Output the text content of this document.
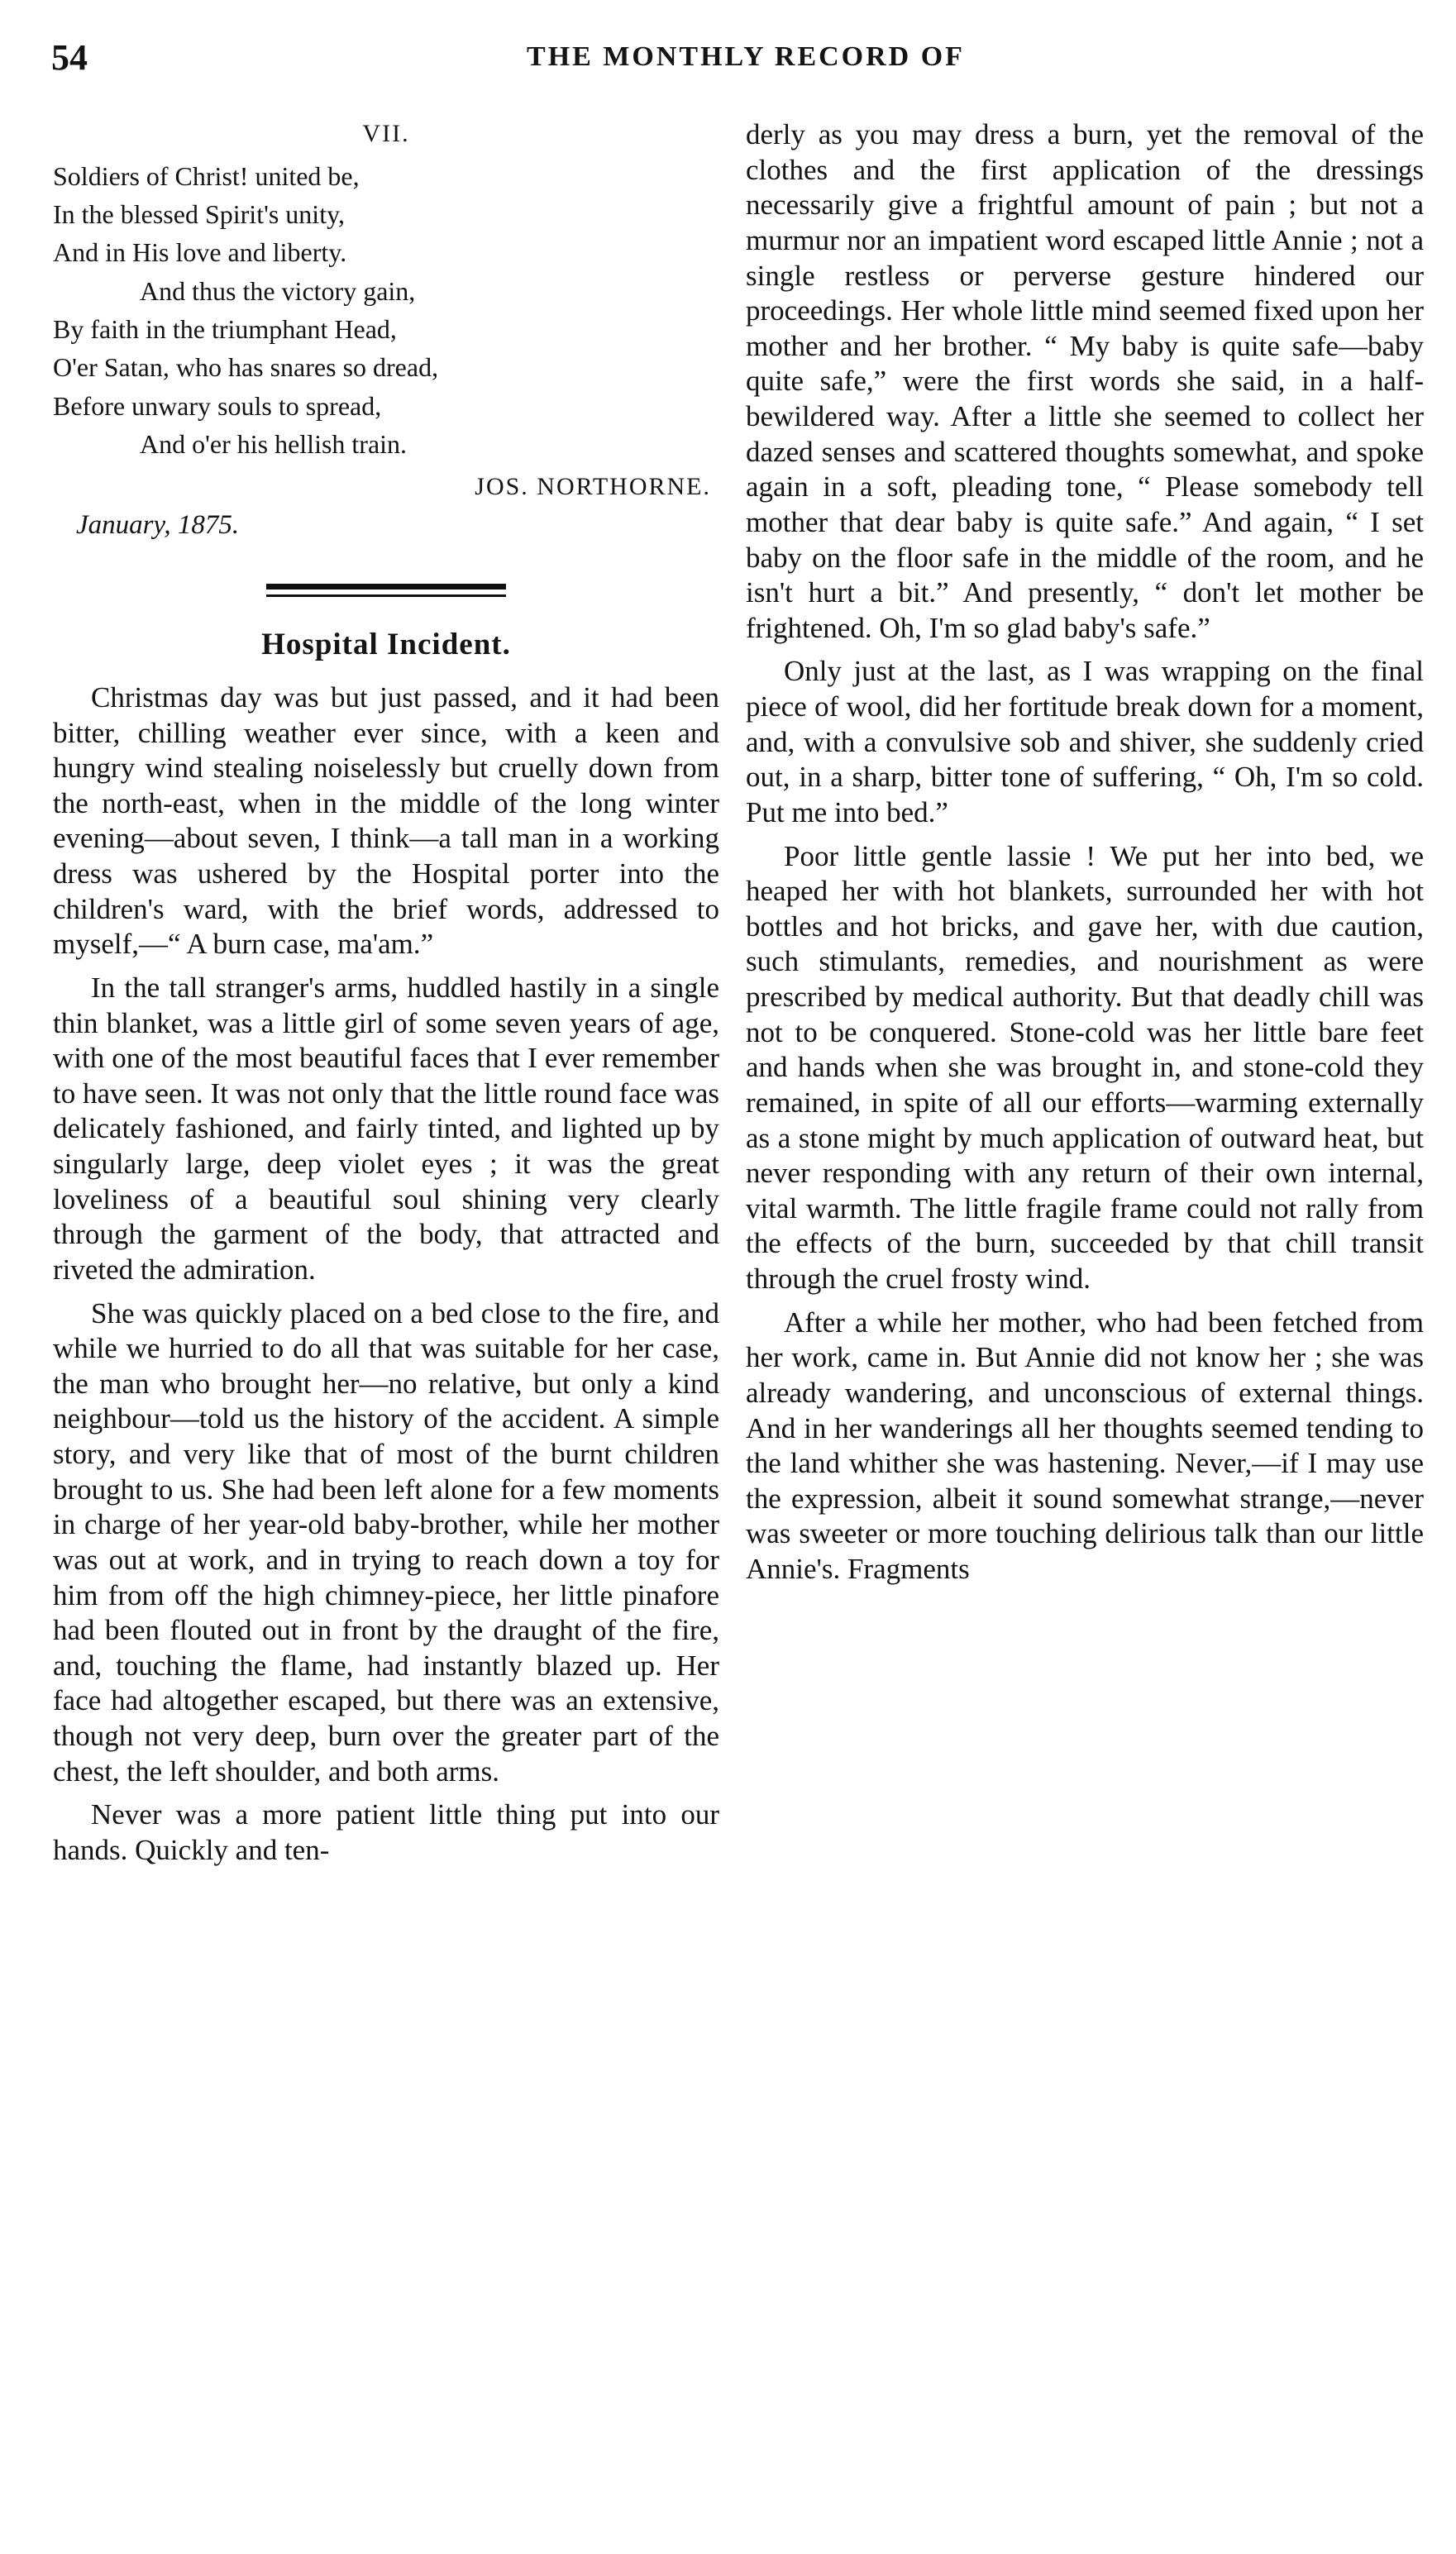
54	THE MONTHLY RECORD OF
VII.
Soldiers of Christ! united be,
In the blessed Spirit's unity,
And in His love and liberty.
And thus the victory gain,
By faith in the triumphant Head,
O'er Satan, who has snares so dread,
Before unwary souls to spread,
And o'er his hellish train.
JOS. NORTHORNE.
January, 1875.
Hospital Incident.

Christmas day was but just passed, and it had been bitter, chilling weather ever since, with a keen and hungry wind stealing noiselessly but cruelly down from the north-east, when in the middle of the long winter evening—about seven, I think—a tall man in a working dress was ushered by the Hospital porter into the children's ward, with the brief words, addressed to myself,—“ A burn case, ma'am.”

In the tall stranger's arms, huddled hastily in a single thin blanket, was a little girl of some seven years of age, with one of the most beautiful faces that I ever remember to have seen. It was not only that the little round face was delicately fashioned, and fairly tinted, and lighted up by singularly large, deep violet eyes ; it was the great loveliness of a beautiful soul shining very clearly through the garment of the body, that attracted and riveted the admiration.

She was quickly placed on a bed close to the fire, and while we hurried to do all that was suitable for her case, the man who brought her—no relative, but only a kind neighbour—told us the history of the accident. A simple story, and very like that of most of the burnt children brought to us. She had been left alone for a few moments in charge of her year-old baby-brother, while her mother was out at work, and in trying to reach down a toy for him from off the high chimney-piece, her little pinafore had been flouted out in front by the draught of the fire, and, touching the flame, had instantly blazed up. Her face had altogether escaped, but there was an extensive, though not very deep, burn over the greater part of the chest, the left shoulder, and both arms.

Never was a more patient little thing put into our hands. Quickly and ten-

derly as you may dress a burn, yet the removal of the clothes and the first application of the dressings necessarily give a frightful amount of pain ; but not a murmur nor an impatient word escaped little Annie ; not a single restless or perverse gesture hindered our proceedings. Her whole little mind seemed fixed upon her mother and her brother. “ My baby is quite safe—baby quite safe,” were the first words she said, in a half-bewildered way. After a little she seemed to collect her dazed senses and scattered thoughts somewhat, and spoke again in a soft, pleading tone, “ Please somebody tell mother that dear baby is quite safe.” And again, “ I set baby on the floor safe in the middle of the room, and he isn't hurt a bit.” And presently, “ don't let mother be frightened. Oh, I'm so glad baby's safe.”

Only just at the last, as I was wrapping on the final piece of wool, did her fortitude break down for a moment, and, with a convulsive sob and shiver, she suddenly cried out, in a sharp, bitter tone of suffering, “ Oh, I'm so cold. Put me into bed.”

Poor little gentle lassie ! We put her into bed, we heaped her with hot blankets, surrounded her with hot bottles and hot bricks, and gave her, with due caution, such stimulants, remedies, and nourishment as were prescribed by medical authority. But that deadly chill was not to be conquered. Stone-cold was her little bare feet and hands when she was brought in, and stone-cold they remained, in spite of all our efforts—warming externally as a stone might by much application of outward heat, but never responding with any return of their own internal, vital warmth. The little fragile frame could not rally from the effects of the burn, succeeded by that chill transit through the cruel frosty wind.

After a while her mother, who had been fetched from her work, came in. But Annie did not know her ; she was already wandering, and unconscious of external things. And in her wanderings all her thoughts seemed tending to the land whither she was hastening. Never,—if I may use the expression, albeit it sound somewhat strange,—never was sweeter or more touching delirious talk than our little Annie's. Fragments
